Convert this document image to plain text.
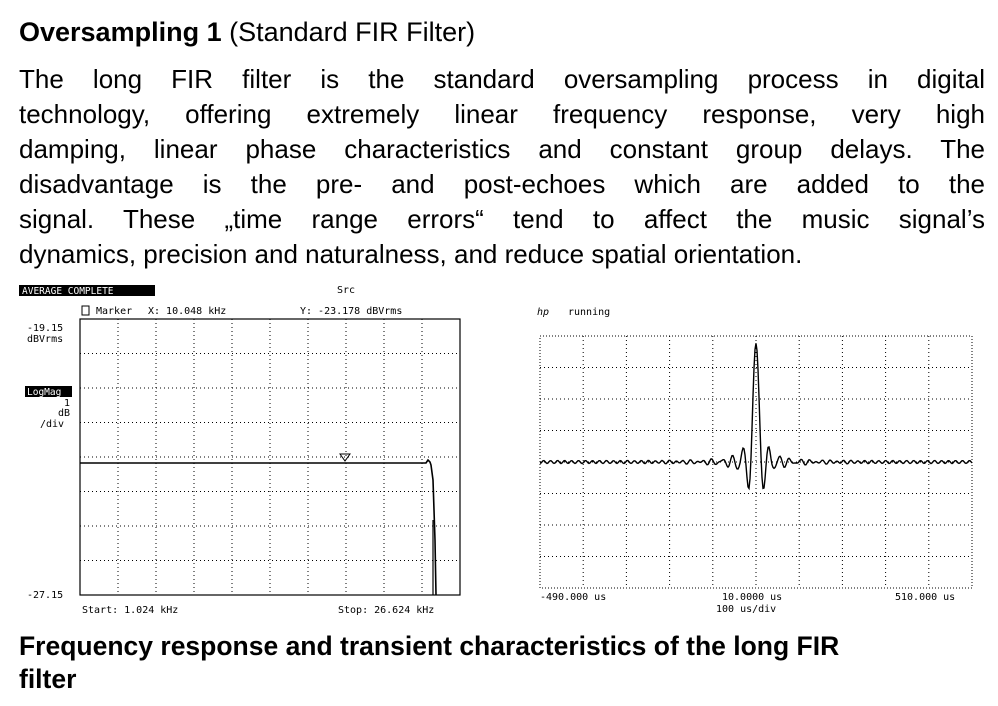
Oversampling 1 (Standard FIR Filter)
The long FIR filter is the standard oversampling process in digital
technology, offering extremely linear frequency response, very high
damping, linear phase characteristics and constant group delays. The
disadvantage is the pre- and post-echoes which are added to the
signal. These „time range errors“ tend to affect the music signal’s
dynamics, precision and naturalness, and reduce spatial orientation.
AVERAGE COMPLETE	Src
Marker X: 10.048 kHz	Y: -23.178 dBVrms
-19.15
dBVrms
LogMag
1
dB
/div
-27.15
Start: 1.024 kHz	Stop: 26.624 kHz
hp running
-490.000 us	10.0000 us
100 us/div
510.000 us
Frequency response and transient characteristics of the long FIR
filter
